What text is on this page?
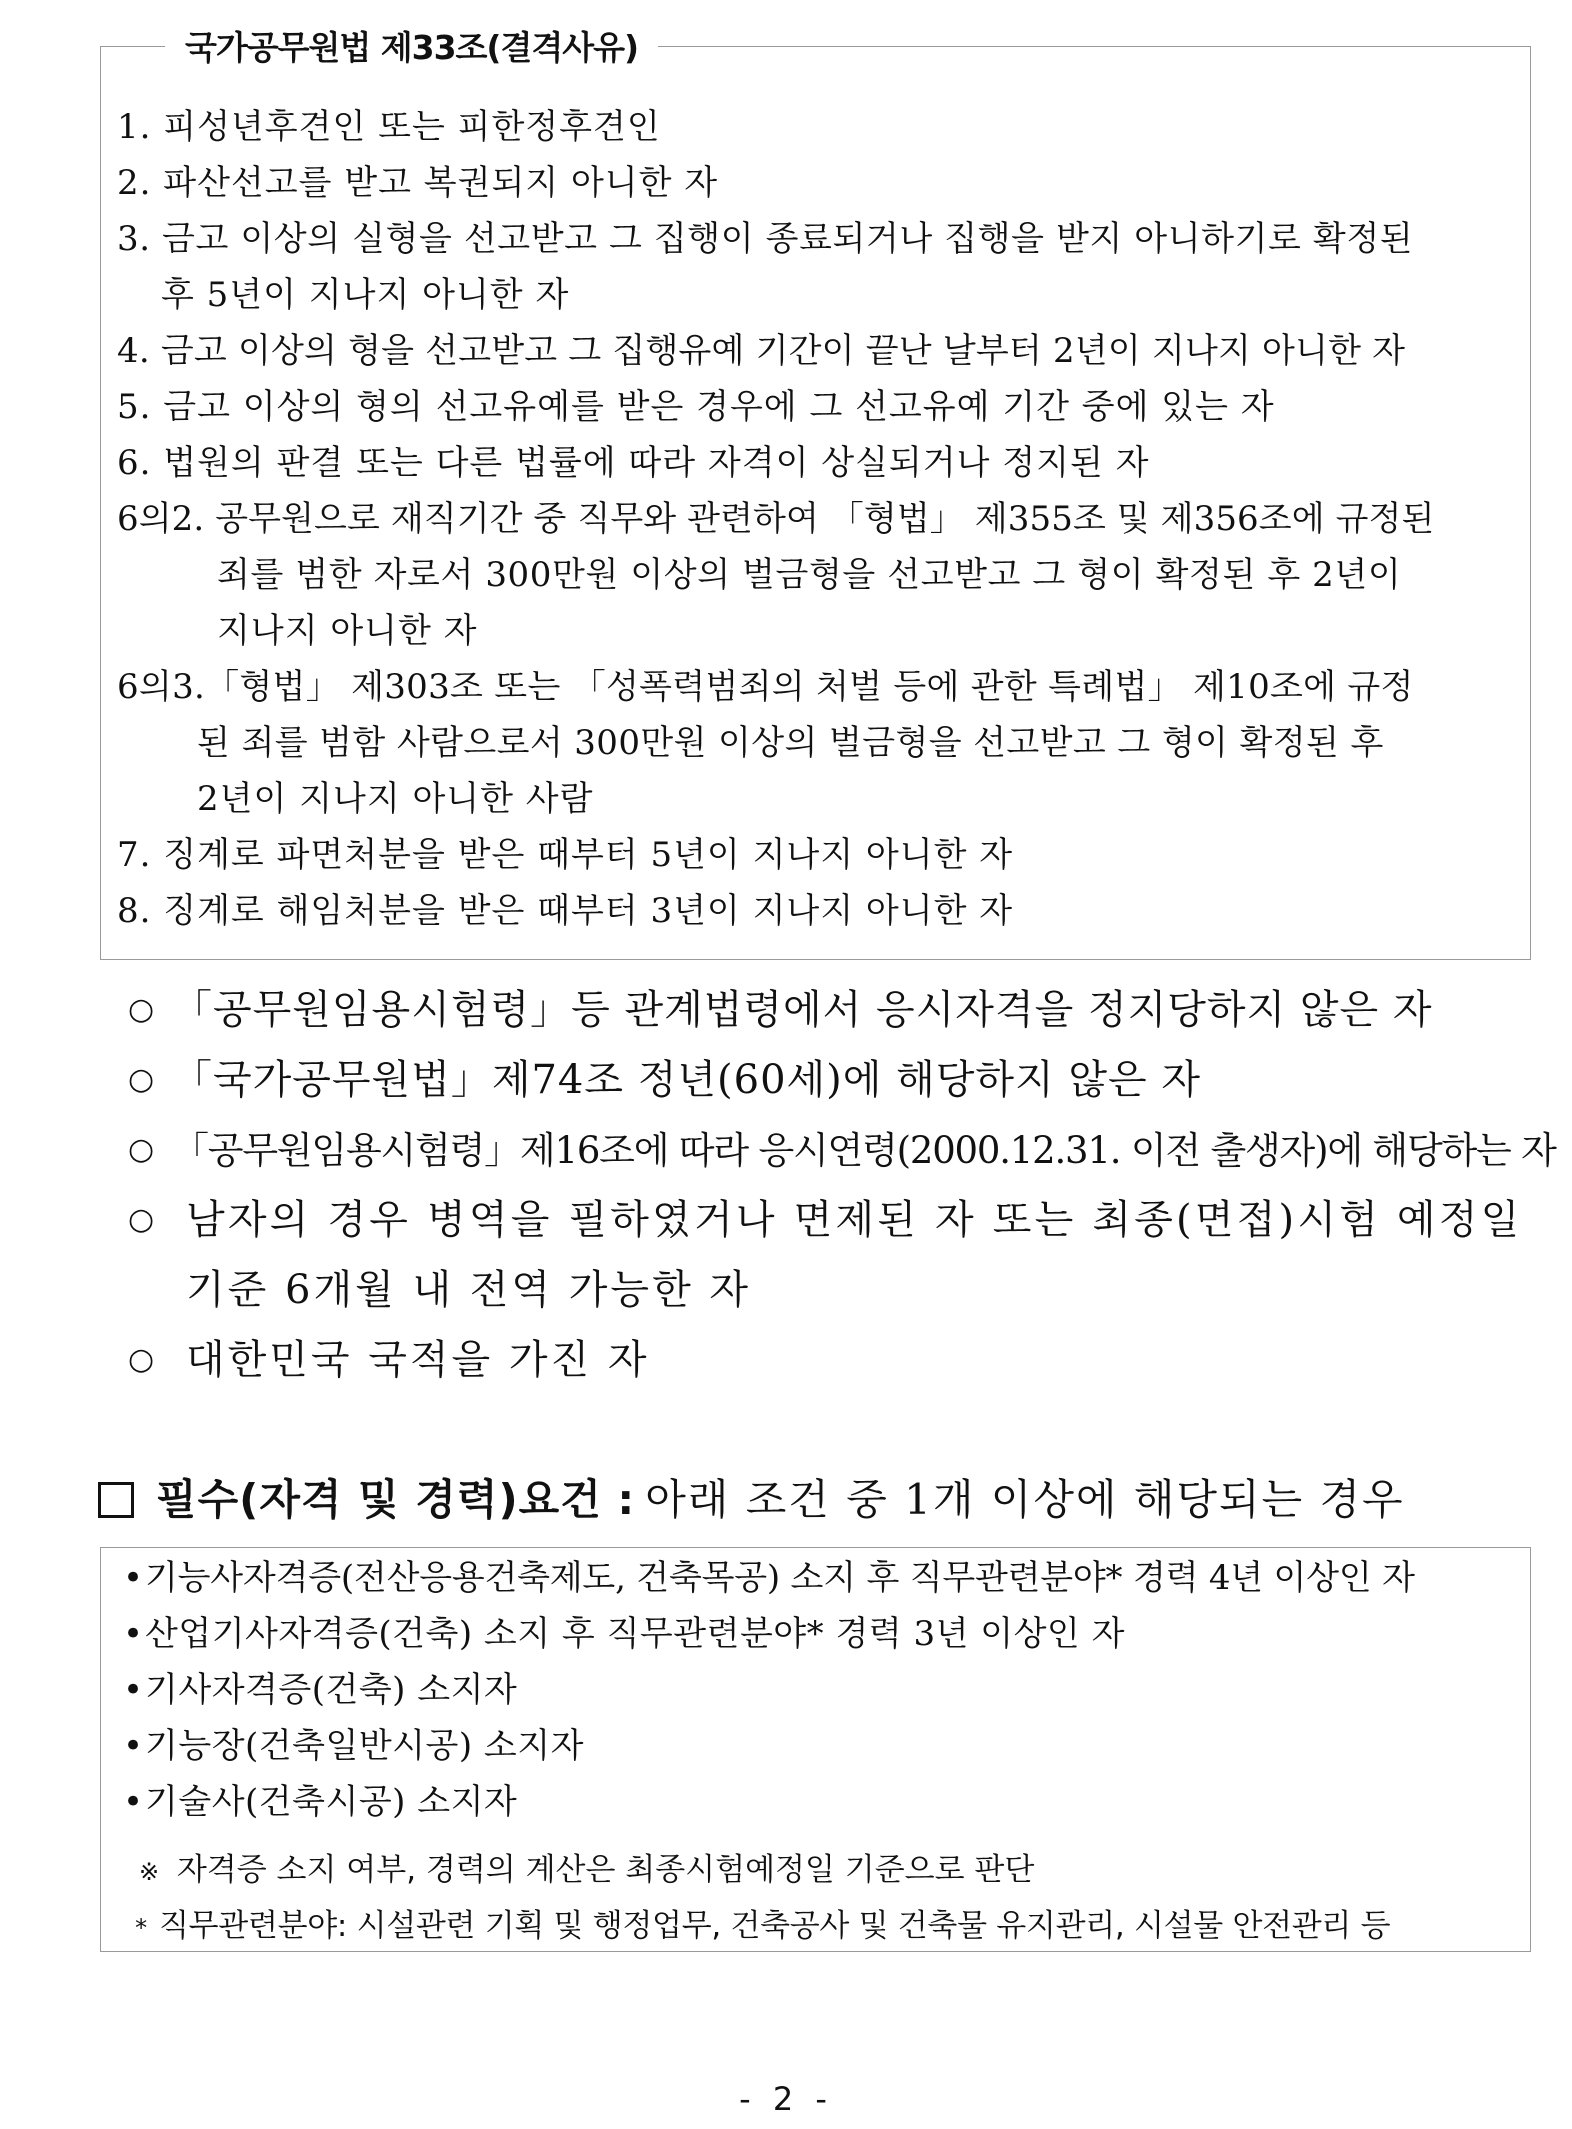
1. 피성년후견인 또는 피한정후견인
2. 파산선고를 받고 복권되지 아니한 자
3. 금고 이상의 실형을 선고받고 그 집행이 종료되거나 집행을 받지 아니하기로 확정된
후 5년이 지나지 아니한 자
4. 금고 이상의 형을 선고받고 그 집행유예 기간이 끝난 날부터 2년이 지나지 아니한 자
5. 금고 이상의 형의 선고유예를 받은 경우에 그 선고유예 기간 중에 있는 자
6. 법원의 판결 또는 다른 법률에 따라 자격이 상실되거나 정지된 자
6의2. 공무원으로 재직기간 중 직무와 관련하여 「형법」 제355조 및 제356조에 규정된
죄를 범한 자로서 300만원 이상의 벌금형을 선고받고 그 형이 확정된 후 2년이
지나지 아니한 자
6의3.「형법」 제303조 또는 「성폭력범죄의 처벌 등에 관한 특례법」 제10조에 규정
된 죄를 범함 사람으로서 300만원 이상의 벌금형을 선고받고 그 형이 확정된 후
2년이 지나지 아니한 사람
7. 징계로 파면처분을 받은 때부터 5년이 지나지 아니한 자
8. 징계로 해임처분을 받은 때부터 3년이 지나지 아니한 자
국가공무원법 제33조(결격사유)
○ 「공무원임용시험령」등 관계법령에서 응시자격을 정지당하지 않은 자
○ 「국가공무원법」제74조 정년(60세)에 해당하지 않은 자
○ 「공무원임용시험령」제16조에 따라 응시연령(2000.12.31. 이전 출생자)에 해당하는 자
○ 남자의 경우 병역을 필하였거나 면제된 자 또는 최종(면접)시험 예정일
기준 6개월 내 전역 가능한 자
○ 대한민국 국적을 가진 자
필수(자격 및 경력)요건 : 아래 조건 중 1개 이상에 해당되는 경우
•기능사자격증(전산응용건축제도, 건축목공) 소지 후 직무관련분야* 경력 4년 이상인 자
•산업기사자격증(건축) 소지 후 직무관련분야* 경력 3년 이상인 자
•기사자격증(건축) 소지자
•기능장(건축일반시공) 소지자
•기술사(건축시공) 소지자
※ 자격증 소지 여부, 경력의 계산은 최종시험예정일 기준으로 판단
* 직무관련분야: 시설관련 기획 및 행정업무, 건축공사 및 건축물 유지관리, 시설물 안전관리 등
- 2 -
